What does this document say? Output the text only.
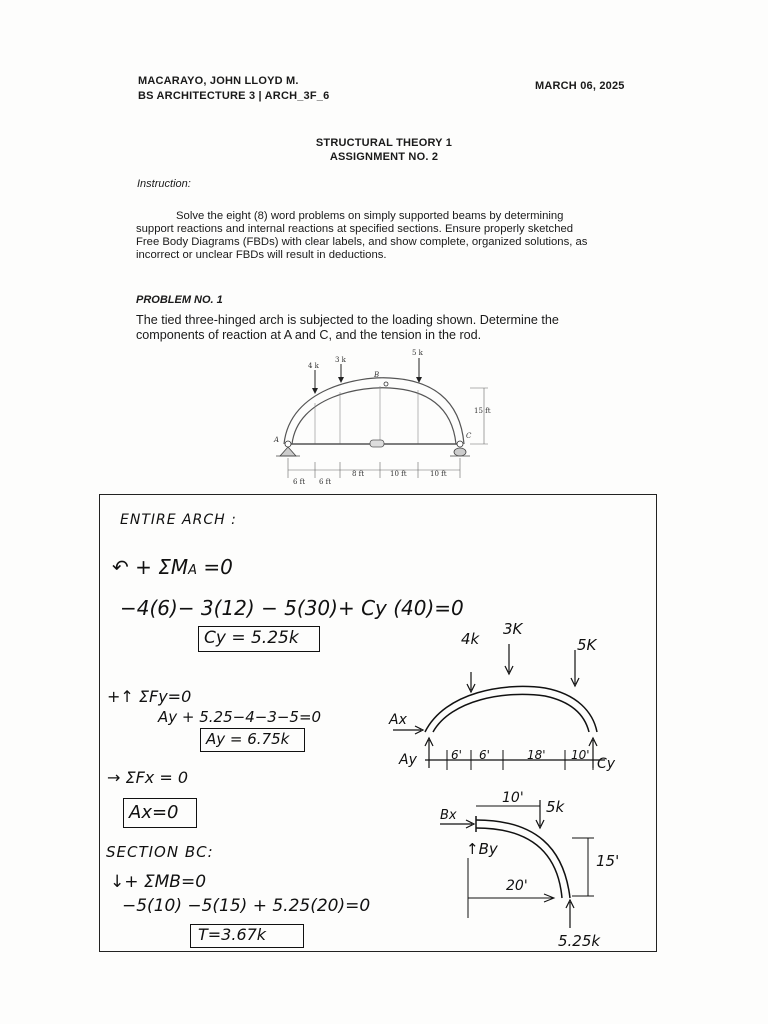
MACARAYO, JOHN LLOYD M.
BS ARCHITECTURE 3 | ARCH_3F_6
MARCH 06, 2025
STRUCTURAL THEORY 1
ASSIGNMENT NO. 2
Instruction:
Solve the eight (8) word problems on simply supported beams by determining
support reactions and internal reactions at specified sections. Ensure properly sketched
Free Body Diagrams (FBDs) with clear labels, and show complete, organized solutions, as
incorrect or unclear FBDs will result in deductions.
PROBLEM NO. 1
The tied three-hinged arch is subjected to the loading shown. Determine the
components of reaction at A and C, and the tension in the rod.
4 k
3 k
5 k
B
A	C
15 ft
6 ft 6 ft
8 ft	10 ft	10 ft
ENTIRE ARCH :
↶ + ΣMA =0
−4(6)− 3(12) − 5(30)+ Cy (40)=0
Cy = 5.25k
+↑ ΣFy=0
Ay + 5.25−4−3−5=0
Ay = 6.75k
→ ΣFx = 0
Ax=0
SECTION BC:
↓+ ΣMB=0
−5(10) −5(15) + 5.25(20)=0
T=3.67k
4k
3K
5K
Ax
Ay	Cy
6' 6'	18' 10'
Bx
↑By
10' 5k
15'
20'
5.25k
